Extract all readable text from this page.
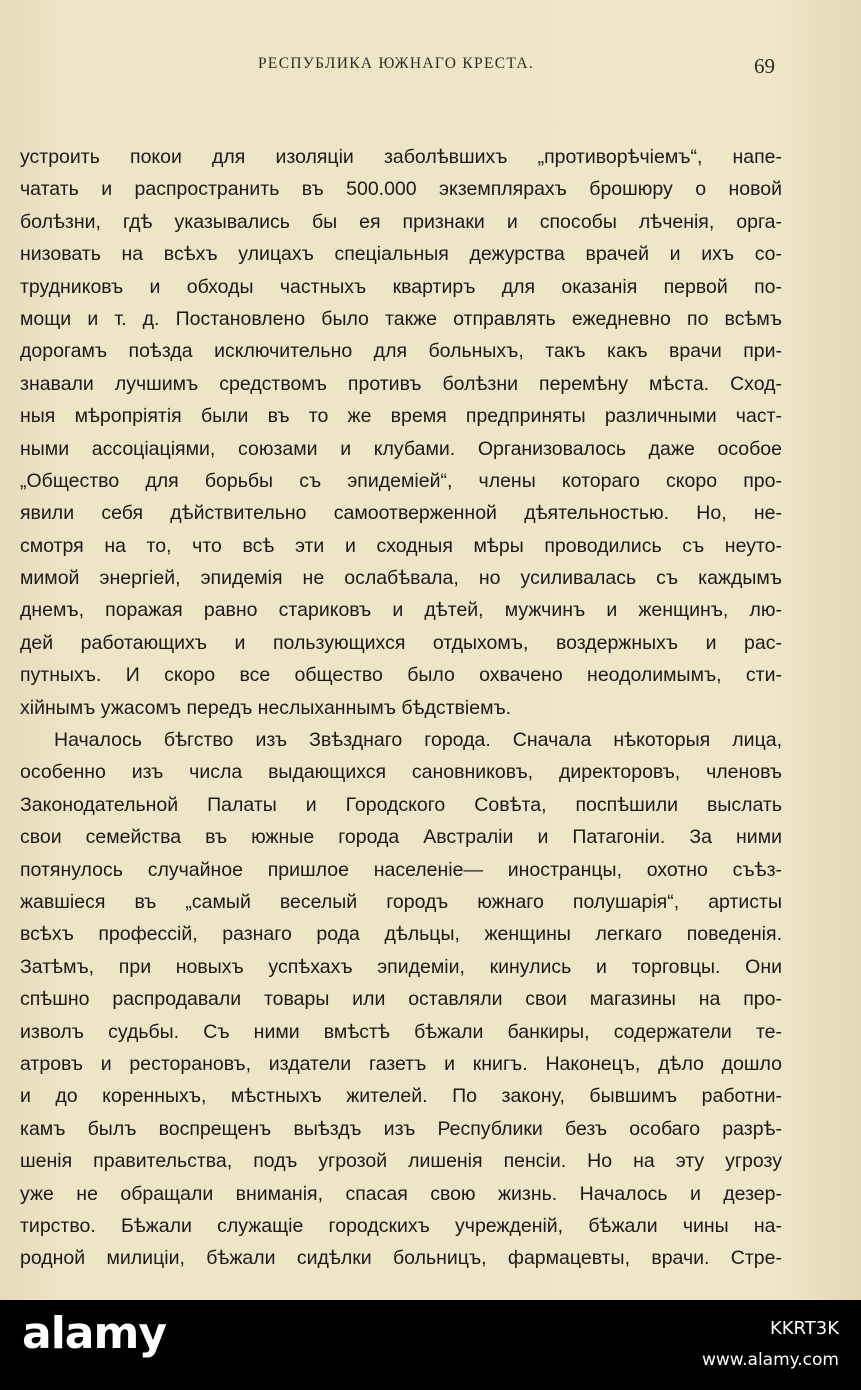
РЕСПУБЛИКА ЮЖНАГО КРЕСТА.	69
устроить покои для изоляціи заболѣвшихъ „противорѣчіемъ“, напе-
чатать и распространить въ 500.000 экземплярахъ брошюру о новой
болѣзни, гдѣ указывались бы ея признаки и способы лѣченія, орга-
низовать на всѣхъ улицахъ спеціальныя дежурства врачей и ихъ со-
трудниковъ и обходы частныхъ квартиръ для оказанія первой по-
мощи и т. д. Постановлено было также отправлять ежедневно по всѣмъ
дорогамъ поѣзда исключительно для больныхъ, такъ какъ врачи при-
знавали лучшимъ средствомъ противъ болѣзни перемѣну мѣста. Сход-
ныя мѣропріятія были въ то же время предприняты различными част-
ными ассоціаціями, союзами и клубами. Организовалось даже особое
„Общество для борьбы съ эпидеміей“, члены котораго скоро про-
явили себя дѣйствительно самоотверженной дѣятельностью. Но, не-
смотря на то, что всѣ эти и сходныя мѣры проводились съ неуто-
мимой энергіей, эпидемія не ослабѣвала, но усиливалась съ каждымъ
днемъ, поражая равно стариковъ и дѣтей, мужчинъ и женщинъ, лю-
дей работающихъ и пользующихся отдыхомъ, воздержныхъ и рас-
путныхъ. И скоро все общество было охвачено неодолимымъ, сти-
хійнымъ ужасомъ передъ неслыханнымъ бѣдствіемъ.
Началось бѣгство изъ Звѣзднаго города. Сначала нѣкоторыя лица,
особенно изъ числа выдающихся сановниковъ, директоровъ, членовъ
Законодательной Палаты и Городского Совѣта, поспѣшили выслать
свои семейства въ южные города Австраліи и Патагоніи. За ними
потянулось случайное пришлое населеніе— иностранцы, охотно съѣз-
жавшіеся въ „самый веселый городъ южнаго полушарія“, артисты
всѣхъ профессій, разнаго рода дѣльцы, женщины легкаго поведенія.
Затѣмъ, при новыхъ успѣхахъ эпидеміи, кинулись и торговцы. Они
спѣшно распродавали товары или оставляли свои магазины на про-
изволъ судьбы. Съ ними вмѣстѣ бѣжали банкиры, содержатели те-
атровъ и ресторановъ, издатели газетъ и книгъ. Наконецъ, дѣло дошло
и до коренныхъ, мѣстныхъ жителей. По закону, бывшимъ работни-
камъ былъ воспрещенъ выѣздъ изъ Республики безъ особаго разрѣ-
шенія правительства, подъ угрозой лишенія пенсіи. Но на эту угрозу
уже не обращали вниманія, спасая свою жизнь. Началось и дезер-
тирство. Бѣжали служащіе городскихъ учрежденій, бѣжали чины на-
родной милиціи, бѣжали сидѣлки больницъ, фармацевты, врачи. Стре-
alamy	KKRT3K
www.alamy.com
